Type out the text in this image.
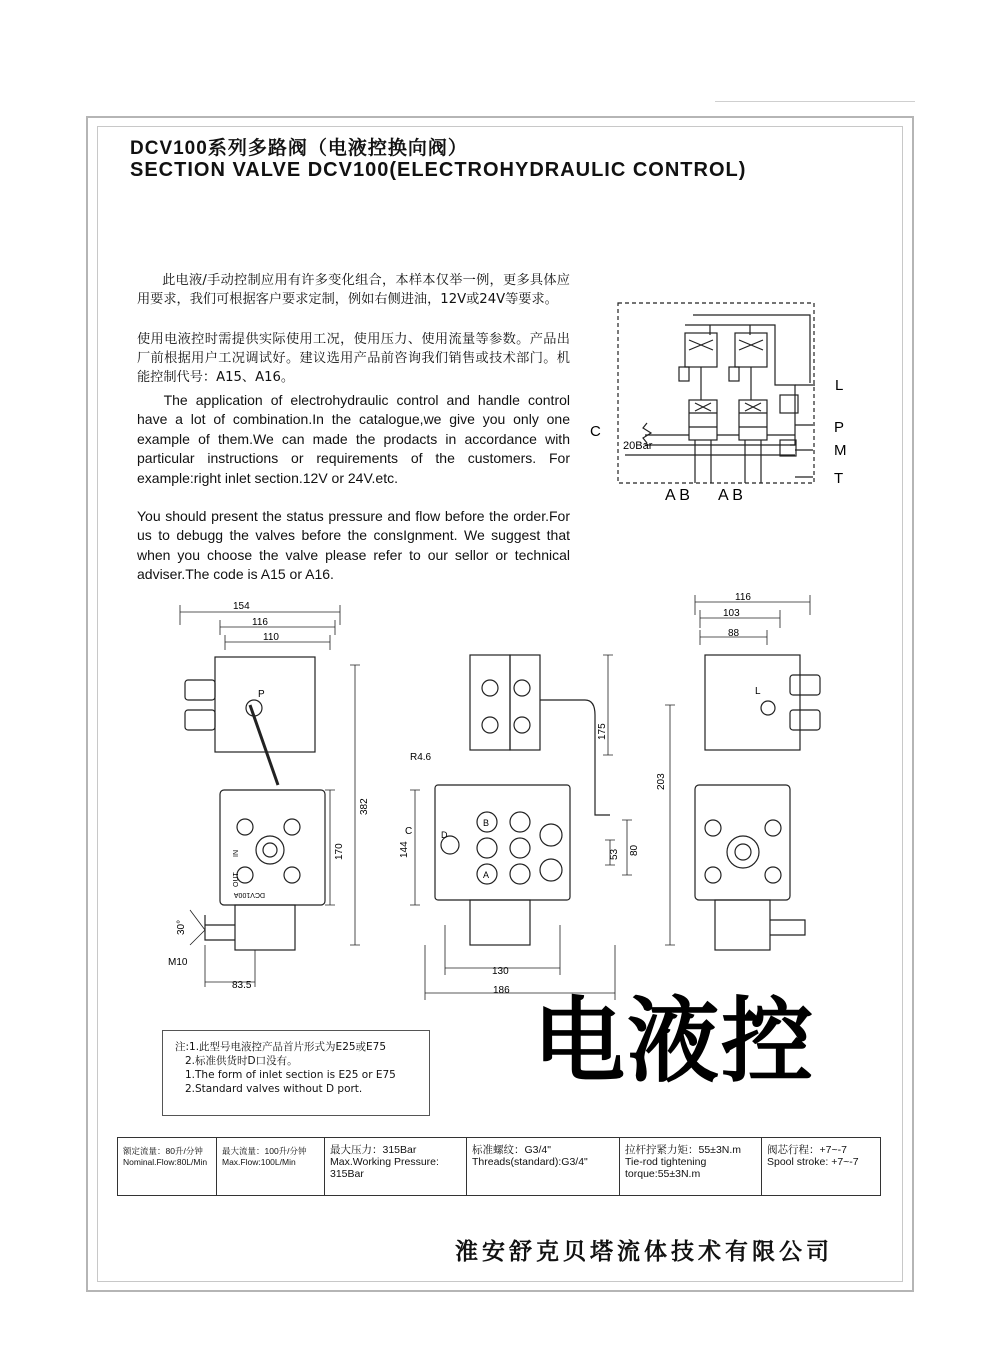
DCV100系列多路阀（电液控换向阀）
SECTION VALVE DCV100(ELECTROHYDRAULIC CONTROL)
此电液/手动控制应用有许多变化组合，本样本仅举一例，更多具体应用要求，我们可根据客户要求定制，例如右侧进油，12V或24V等要求。
使用电液控时需提供实际使用工况，使用压力、使用流量等参数。产品出厂前根据用户工况调试好。建议选用产品前咨询我们销售或技术部门。机能控制代号：A15、A16。
The application of electrohydraulic control and handle control have a lot of combination.In the catalogue,we give you only one example of them.We can made the prodacts in accordance with particular instructions or requirements of the customers. For example:right inlet section.12V or 24V.etc.
You should present the status pressure and flow before the order.For us to debugg the valves before the consIgnment. We suggest that when you choose the valve please refer to our sellor or technical adviser.The code is A15 or A16.
C
20Bar
L
P
M
T
A B A B
154
116
110
P
382
170
IN
OUT
DCV100A
30°
M10
83.5
R4.6
175
144
C	D
B
A
53 80
130
186
116
103
88
L
203
注:1.此型号电液控产品首片形式为E25或E75
2.标准供货时D口没有。
1.The form of inlet section is E25 or E75
2.Standard valves without D port.	电液控
额定流量：80升/分钟
Nominal.Flow:80L/Min
最大流量：100升/分钟
Max.Flow:100L/Min
最大压力：315Bar
Max.Working Pressure:
315Bar
标准螺纹：G3/4"
Threads(standard):G3/4"
拉杆拧紧力矩：55±3N.m
Tie-rod tightening
torque:55±3N.m
阀芯行程：+7~-7
Spool stroke: +7~-7
淮安舒克贝塔流体技术有限公司
